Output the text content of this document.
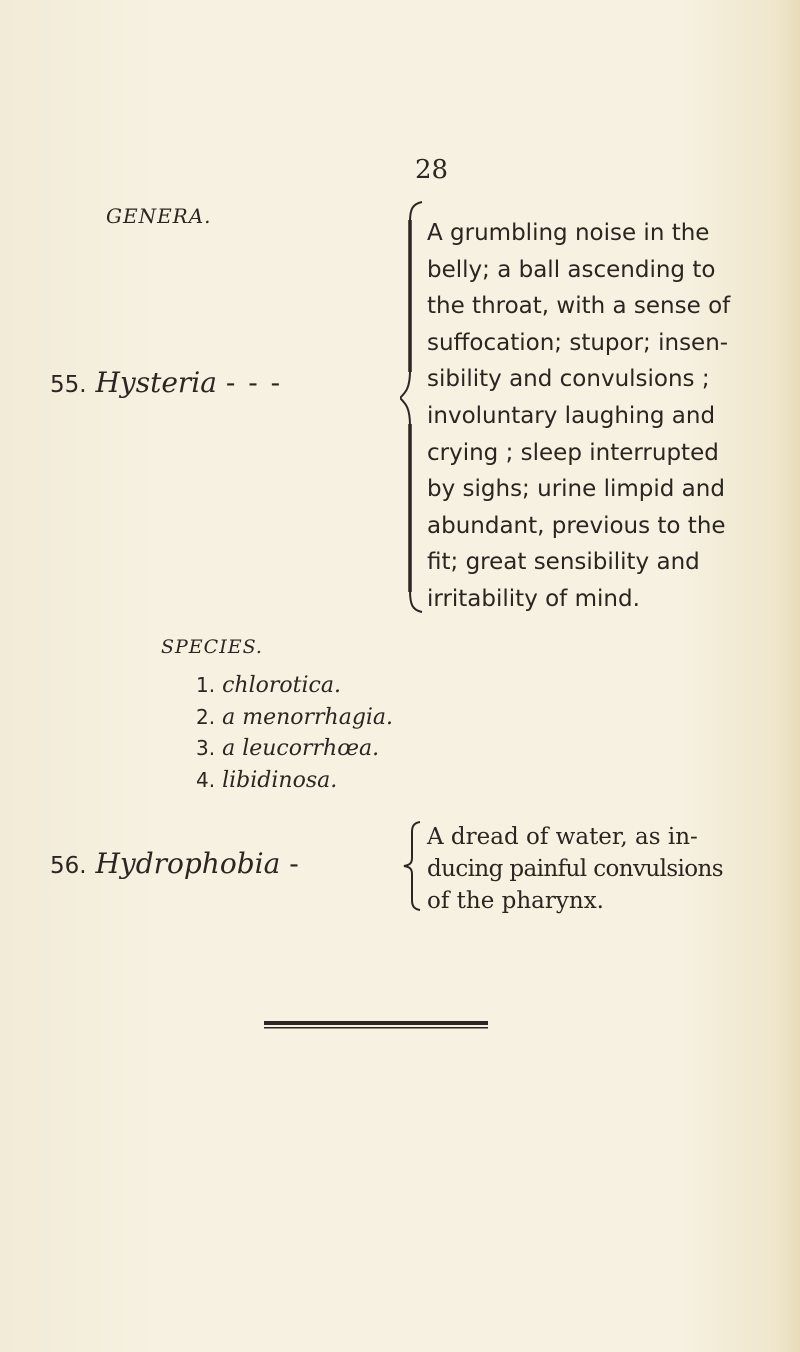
28
GENERA.
55. Hysteria - - -
A grumbling noise in the
belly; a ball ascending to
the throat, with a sense of
suffocation; stupor; insen-
sibility and convulsions ;
involuntary laughing and
crying ; sleep interrupted
by sighs; urine limpid and
abundant, previous to the
fit; great sensibility and
irritability of mind.
SPECIES.
1. chlorotica.
2. a menorrhagia.
3. a leucorrhœa.
4. libidinosa.
56. Hydrophobia -
A dread of water, as in-
ducing painful convulsions
of the pharynx.
